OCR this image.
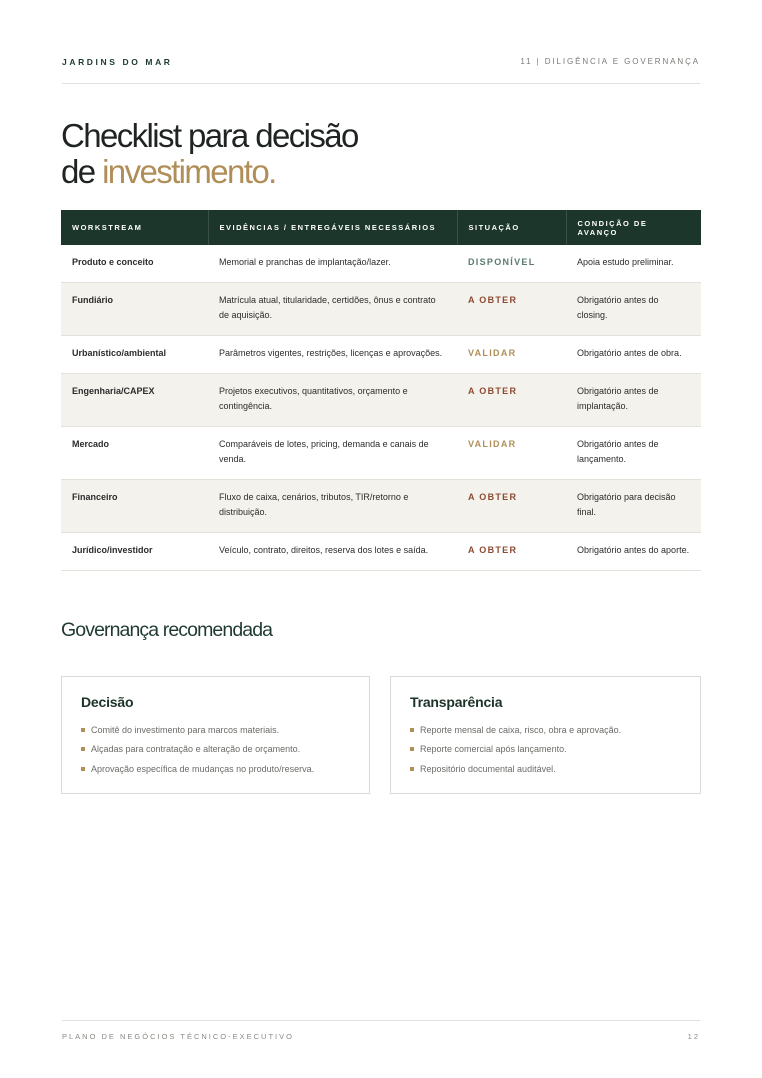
JARDINS DO MAR	11 | DILIGÊNCIA E GOVERNANÇA
Checklist para decisão
de investimento.
WORKSTREAM	EVIDÊNCIAS / ENTREGÁVEIS NECESSÁRIOS	SITUAÇÃO	CONDIÇÃO DE AVANÇO
Produto e conceito	Memorial e pranchas de implantação/lazer.	DISPONÍVEL	Apoia estudo preliminar.
Fundiário	Matrícula atual, titularidade, certidões, ônus e contrato de aquisição.	A OBTER	Obrigatório antes do closing.
Urbanístico/ambiental	Parâmetros vigentes, restrições, licenças e aprovações.	VALIDAR	Obrigatório antes de obra.
Engenharia/CAPEX	Projetos executivos, quantitativos, orçamento e contingência.	A OBTER	Obrigatório antes de implantação.
Mercado	Comparáveis de lotes, pricing, demanda e canais de venda.	VALIDAR	Obrigatório antes de lançamento.
Financeiro	Fluxo de caixa, cenários, tributos, TIR/retorno e distribuição.	A OBTER	Obrigatório para decisão final.
Jurídico/investidor	Veículo, contrato, direitos, reserva dos lotes e saída.	A OBTER	Obrigatório antes do aporte.
Governança recomendada
Decisão
Comitê do investimento para marcos materiais.
Alçadas para contratação e alteração de orçamento.
Aprovação específica de mudanças no produto/reserva.
Transparência
Reporte mensal de caixa, risco, obra e aprovação.
Reporte comercial após lançamento.
Repositório documental auditável.
PLANO DE NEGÓCIOS TÉCNICO-EXECUTIVO	12
